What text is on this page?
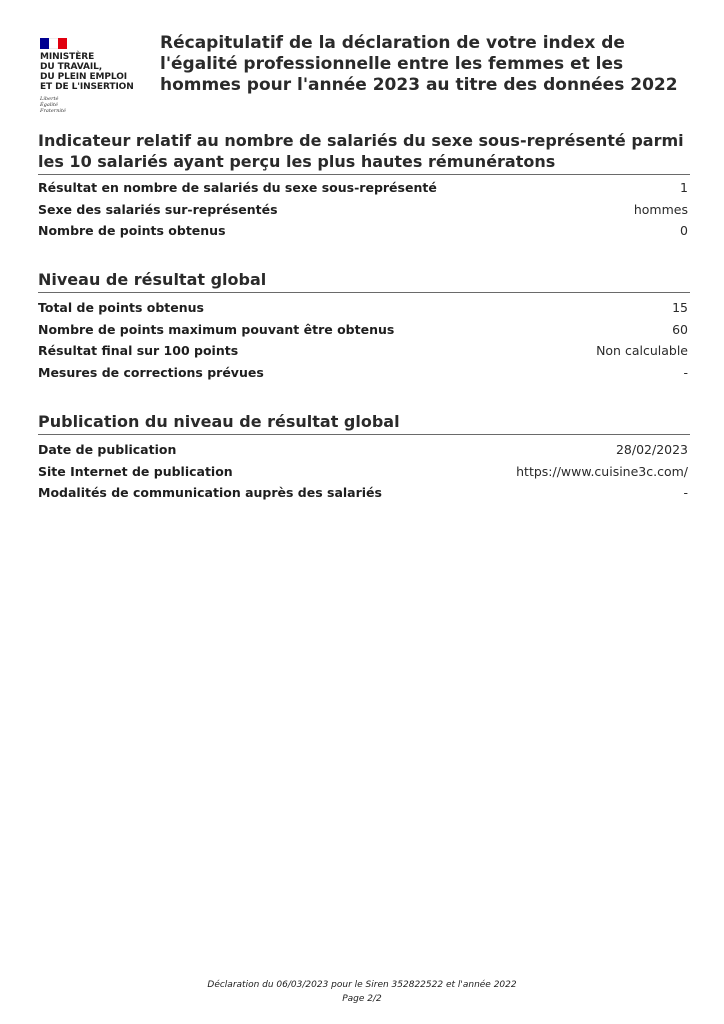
MINISTÈRE
DU TRAVAIL,
DU PLEIN EMPLOI
ET DE L'INSERTION
Liberté
Égalité
Fraternité
Récapitulatif de la déclaration de votre index de l'égalité professionnelle entre les femmes et les hommes pour l'année 2023 au titre des données 2022
Indicateur relatif au nombre de salariés du sexe sous-représenté parmi les 10 salariés ayant perçu les plus hautes rémunératons
Résultat en nombre de salariés du sexe sous-représenté	1
Sexe des salariés sur-représentés	hommes
Nombre de points obtenus	0
Niveau de résultat global
Total de points obtenus	15
Nombre de points maximum pouvant être obtenus	60
Résultat final sur 100 points	Non calculable
Mesures de corrections prévues	-
Publication du niveau de résultat global
Date de publication	28/02/2023
Site Internet de publication	https://www.cuisine3c.com/
Modalités de communication auprès des salariés	-
Déclaration du 06/03/2023 pour le Siren 352822522 et l'année 2022
Page 2/2
